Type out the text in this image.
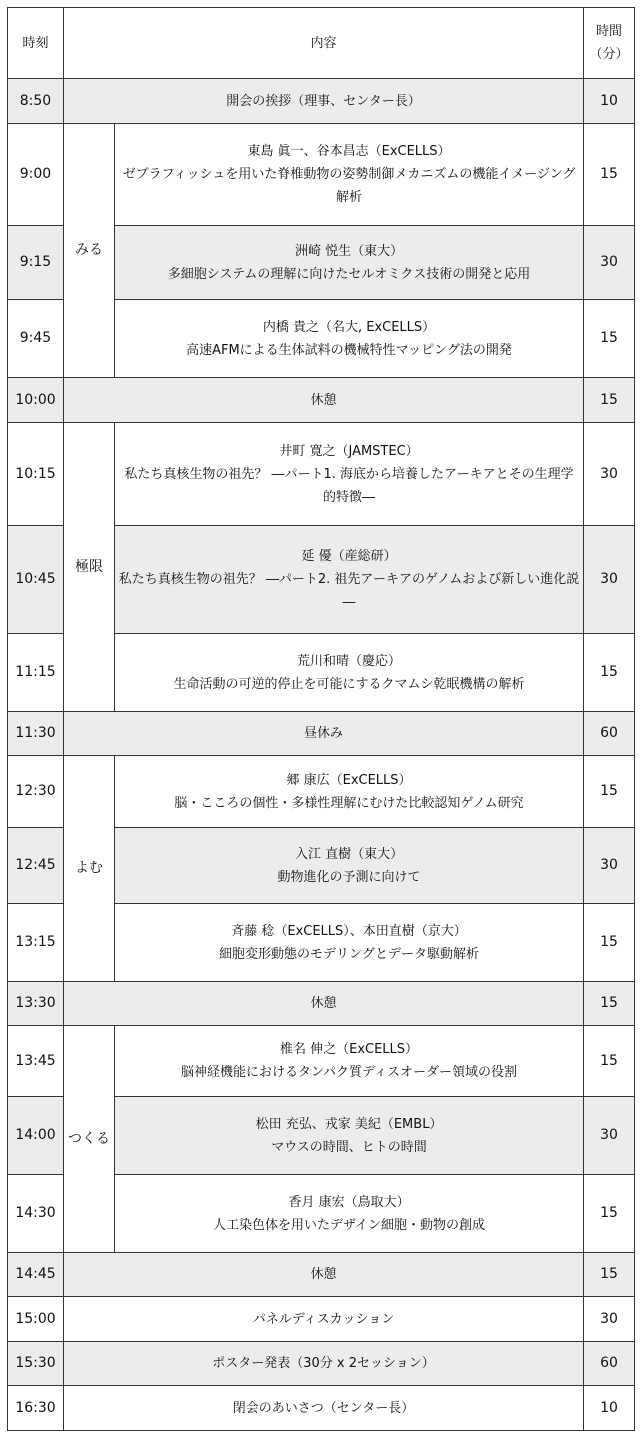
時刻	内容		時間
（分）

8:50	開会の挨拶（理事、センター長）		10
9:00	みる	東島 眞一、谷本昌志（ExCELLS）
ゼブラフィッシュを用いた脊椎動物の姿勢制御メカニズムの機能イメージング解析	15
9:15		洲崎 悦生（東大）
多細胞システムの理解に向けたセルオミクス技術の開発と応用	30
9:45		内橋 貴之（名大, ExCELLS）
高速AFMによる生体試料の機械特性マッピング法の開発	15
10:00	休憩		15
10:15	極限	井町 寛之（JAMSTEC）
私たち真核生物の祖先？ ―パート1. 海底から培養したアーキアとその生理学的特徴―	30
10:45		延 優（産総研）
私たち真核生物の祖先？ ―パート2. 祖先アーキアのゲノムおよび新しい進化説―	30
11:15		荒川和晴（慶応）
生命活動の可逆的停止を可能にするクマムシ乾眠機構の解析	15
11:30	昼休み		60
12:30	よむ	郷 康広（ExCELLS）
脳・こころの個性・多様性理解にむけた比較認知ゲノム研究	15
12:45		入江 直樹（東大）
動物進化の予測に向けて	30
13:15		斉藤 稔（ExCELLS）、本田直樹（京大）
細胞変形動態のモデリングとデータ駆動解析	15
13:30	休憩		15
13:45	つくる	椎名 伸之（ExCELLS）
脳神経機能におけるタンパク質ディスオーダー領域の役割	15
14:00		松田 充弘、戎家 美紀（EMBL）
マウスの時間、ヒトの時間	30
14:30		香月 康宏（鳥取大）
人工染色体を用いたデザイン細胞・動物の創成	15
14:45	休憩		15
15:00	パネルディスカッション		30
15:30	ポスター発表（30分 x 2セッション）		60
16:30	閉会のあいさつ（センター長）		10
